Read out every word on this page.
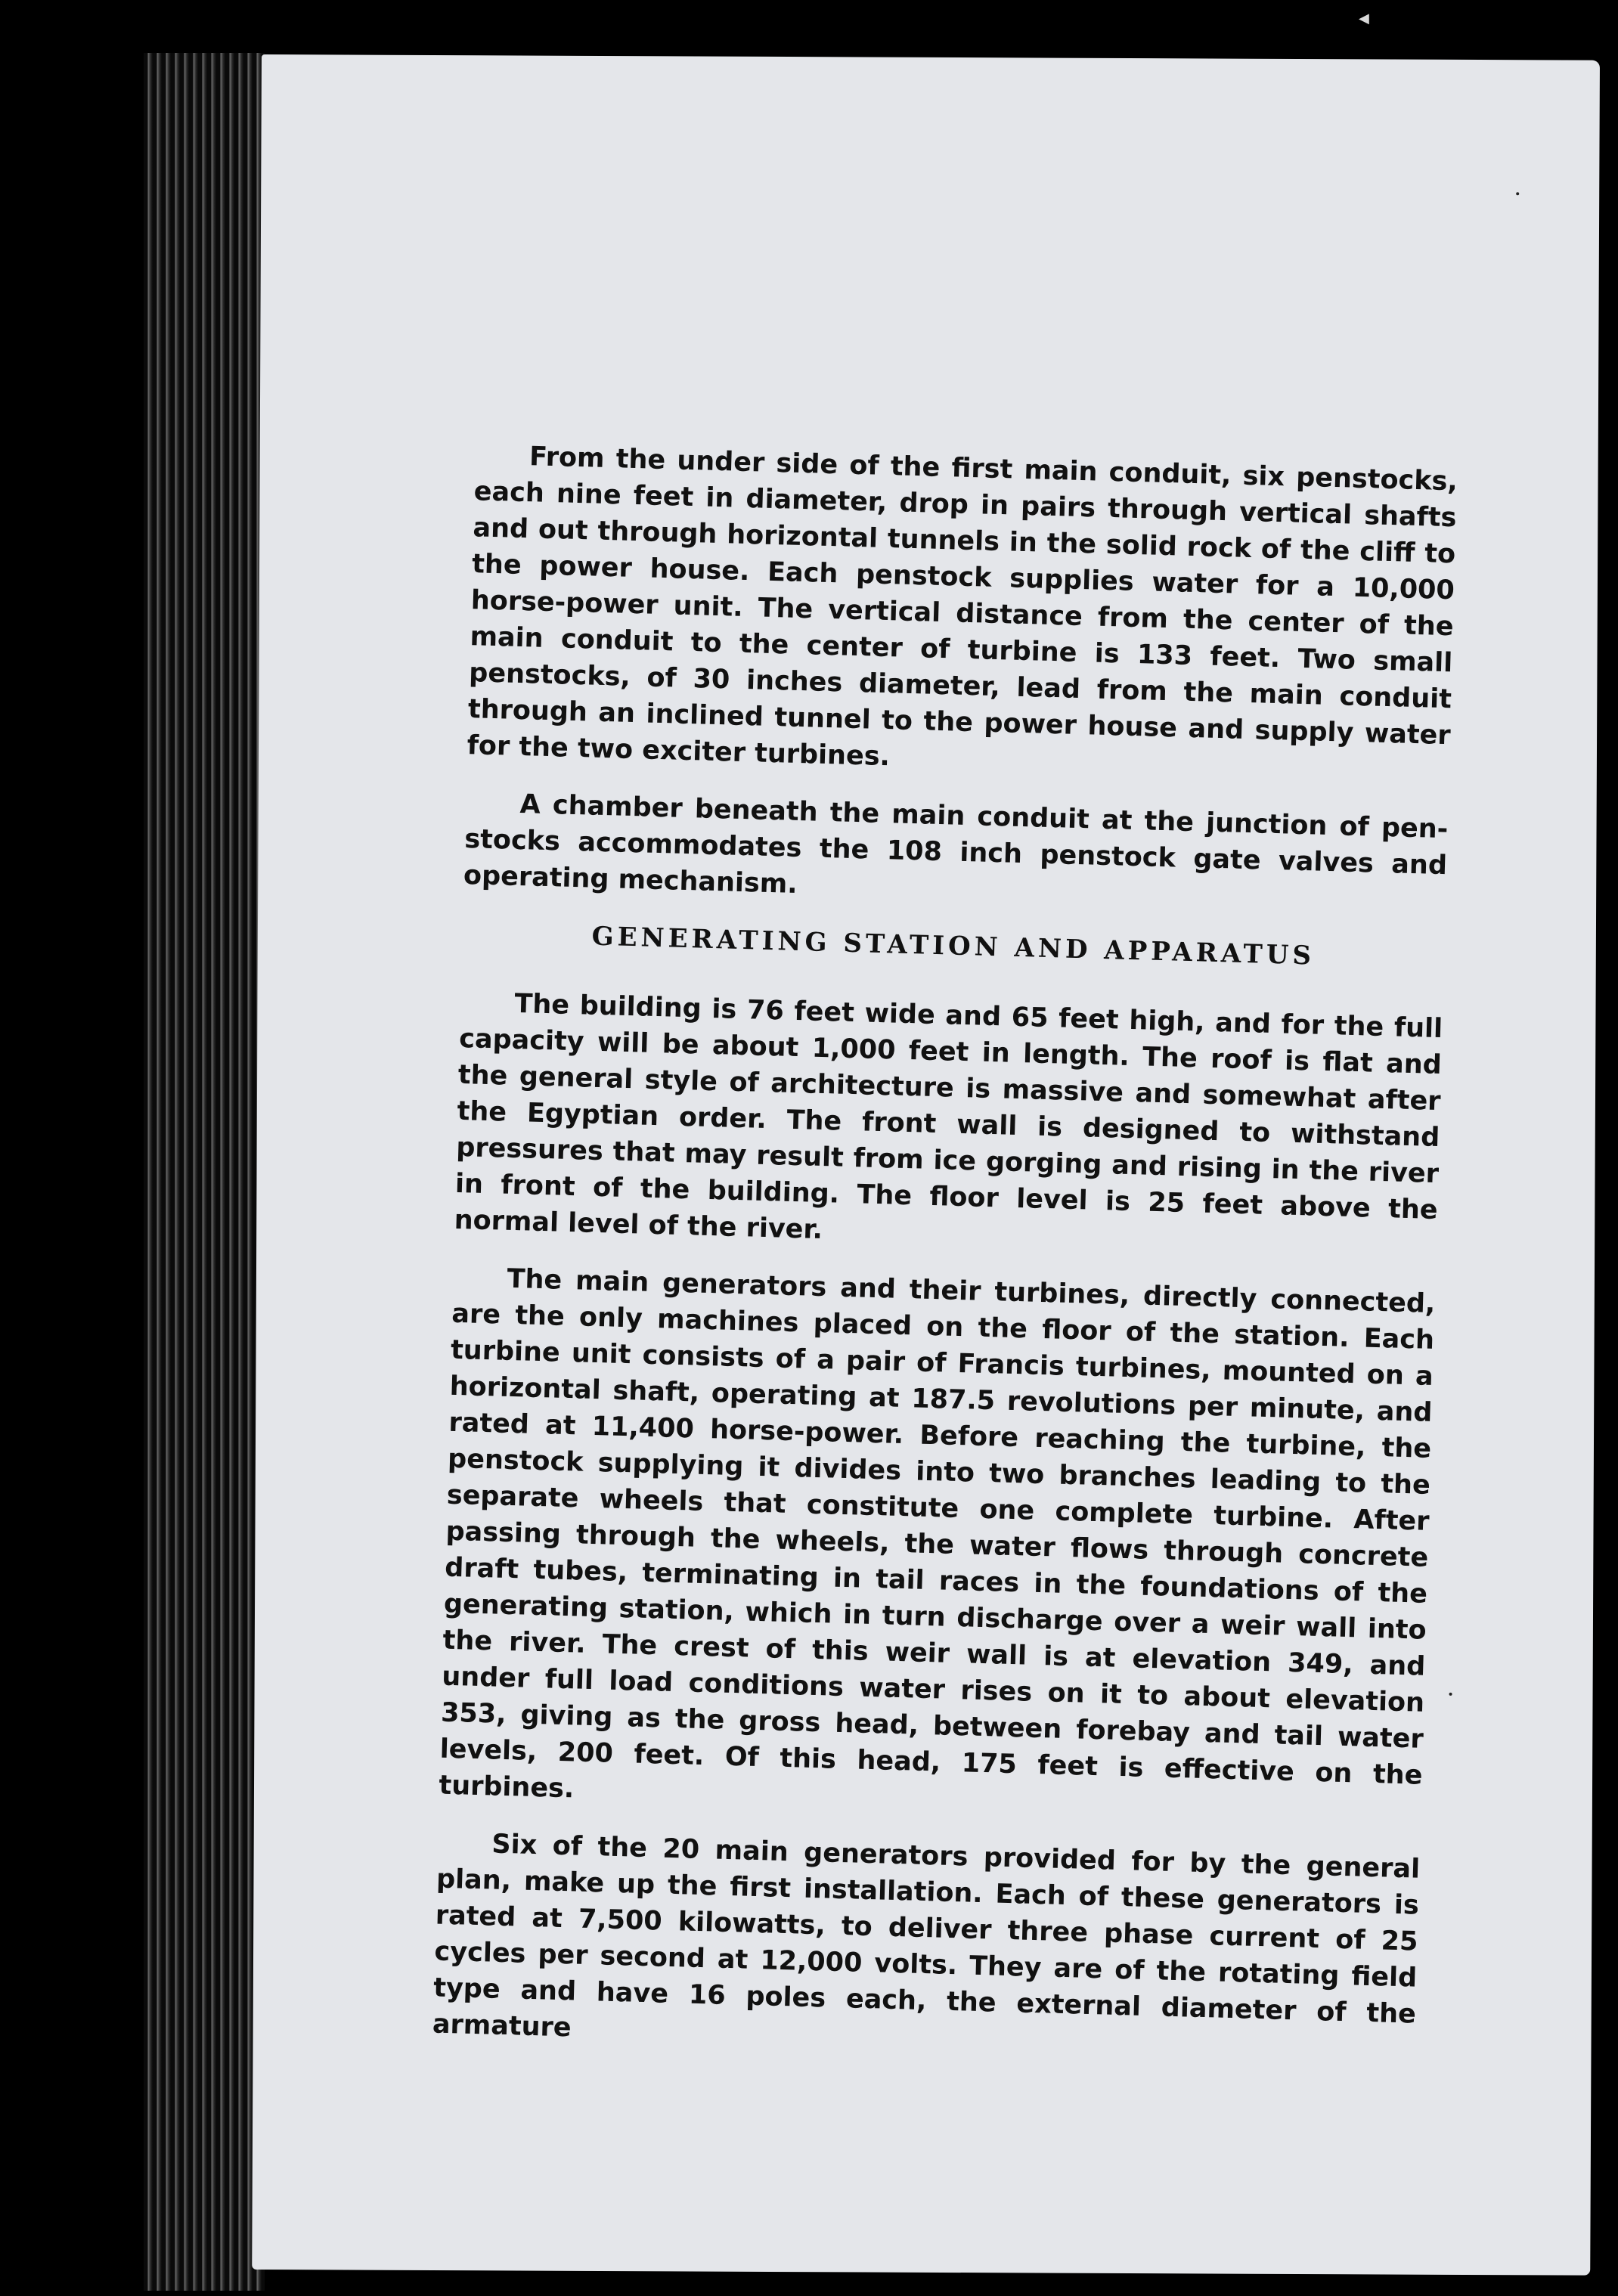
From the under side of the first main conduit, six penstocks, each nine feet in diameter, drop in pairs through vertical shafts and out through horizontal tunnels in the solid rock of the cliff to the power house. Each penstock supplies water for a 10,000 horse-power unit. The vertical distance from the center of the main conduit to the center of turbine is 133 feet. Two small penstocks, of 30 inches diameter, lead from the main conduit through an inclined tunnel to the power house and supply water for the two exciter turbines.

A chamber beneath the main conduit at the junction of penstocks accommodates the 108 inch penstock gate valves and operating mechanism.

GENERATING STATION AND APPARATUS

The building is 76 feet wide and 65 feet high, and for the full capacity will be about 1,000 feet in length. The roof is flat and the general style of architecture is massive and somewhat after the Egyptian order. The front wall is designed to withstand pressures that may result from ice gorging and rising in the river in front of the building. The floor level is 25 feet above the normal level of the river.

The main generators and their turbines, directly connected, are the only machines placed on the floor of the station. Each turbine unit consists of a pair of Francis turbines, mounted on a horizontal shaft, operating at 187.5 revolutions per minute, and rated at 11,400 horse-power. Before reaching the turbine, the penstock supplying it divides into two branches leading to the separate wheels that constitute one complete turbine. After passing through the wheels, the water flows through concrete draft tubes, terminating in tail races in the foundations of the generating station, which in turn discharge over a weir wall into the river. The crest of this weir wall is at elevation 349, and under full load conditions water rises on it to about elevation 353, giving as the gross head, between forebay and tail water levels, 200 feet. Of this head, 175 feet is effective on the turbines.

Six of the 20 main generators provided for by the general plan, make up the first installation. Each of these generators is rated at 7,500 kilowatts, to deliver three phase current of 25 cycles per second at 12,000 volts. They are of the rotating field type and have 16 poles each, the external diameter of the armature

◀
